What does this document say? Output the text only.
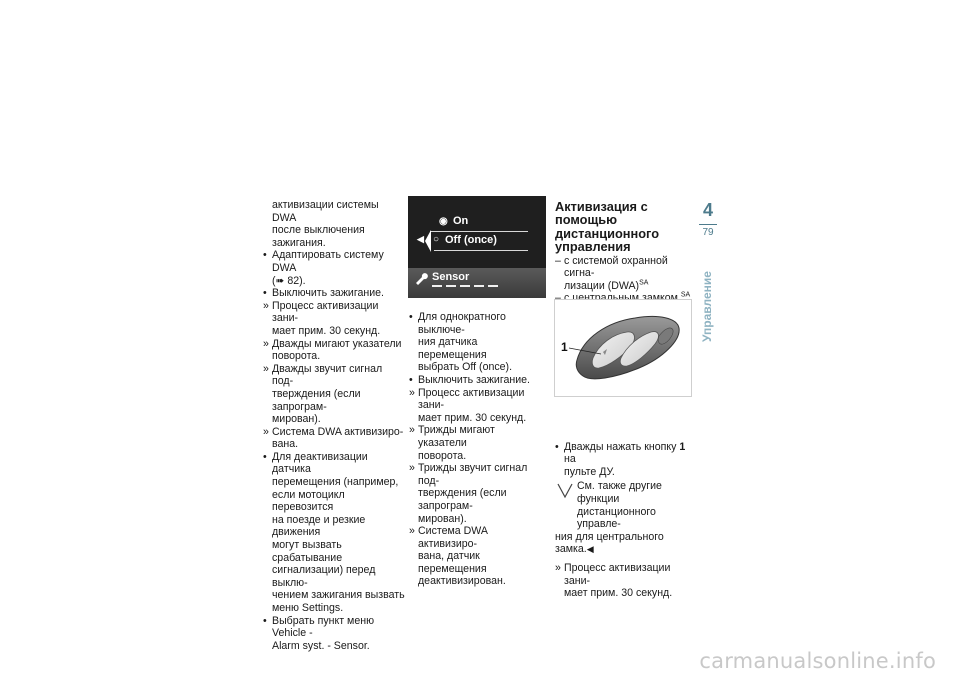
активизации системы DWA

после выключения зажигания.

• Адаптировать систему DWA
(➠ 82).
• Выключить зажигание.
» Процесс активизации зани-
мает прим. 30 секунд.
» Дважды мигают указатели
поворота.
» Дважды звучит сигнал под-
тверждения (если запрограм-
мирован).
» Система DWA активизиро-
вана.
• Для деактивизации датчика
перемещения (например,
если мотоцикл перевозится
на поезде и резкие движения
могут вызвать срабатывание
сигнализации) перед выклю-
чением зажигания вызвать
меню Settings.
• Выбрать пункт меню Vehicle -
Alarm syst. - Sensor.
◉ On
◀ ○ Off (once)
Sensor
• Для однократного выключе-
ния датчика перемещения
выбрать Off (once).
• Выключить зажигание.
» Процесс активизации зани-
мает прим. 30 секунд.
» Трижды мигают указатели
поворота.
» Трижды звучит сигнал под-
тверждения (если запрограм-
мирован).
» Система DWA активизиро-
вана, датчик перемещения
деактивизирован.
Активизация с помощью
дистанционного
управления
– с системой охранной сигна-
лизации (DWA)$^{SA}$
$^{SA}$
• Дважды нажать кнопку 1 на
пульте ДУ.

См. также другие функции

дистанционного управле-

ния для центрального замка.◀

» Процесс активизации зани-
мает прим. 30 секунд.
1
4
79
Управление
carmanualsonline.info
